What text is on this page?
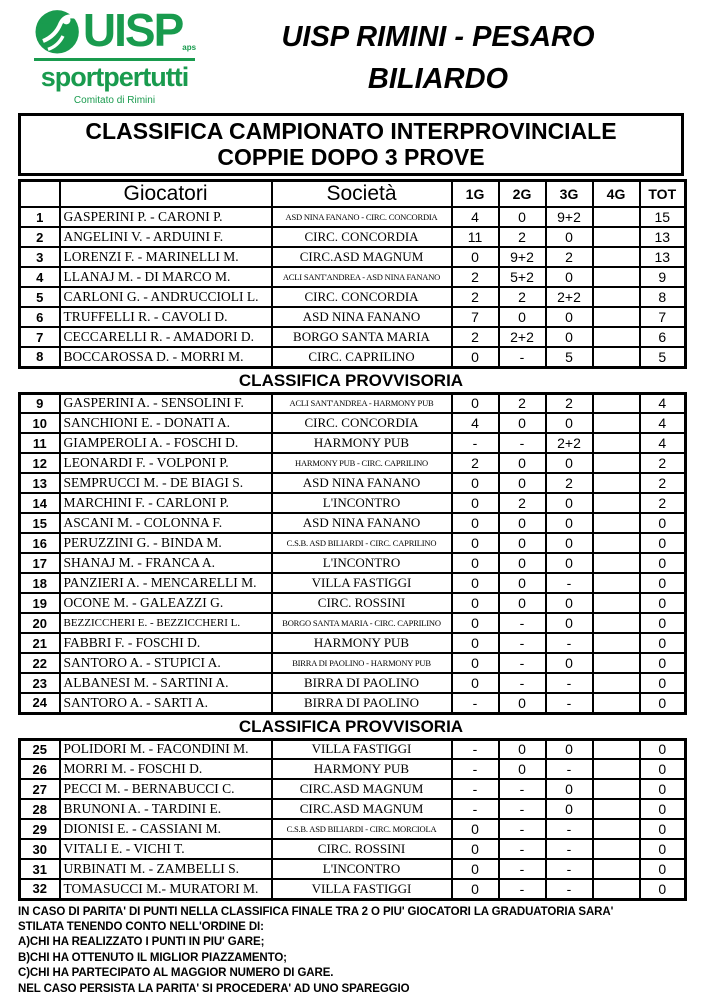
UISP aps
sportpertutti
Comitato di Rimini
UISP RIMINI - PESARO
BILIARDO
CLASSIFICA CAMPIONATO INTERPROVINCIALE
COPPIE DOPO 3 PROVE
	Giocatori	Società	1G	2G	3G	4G	TOT
1	GASPERINI P. - CARONI P.	ASD NINA FANANO - CIRC. CONCORDIA	4	0	9+2		15
2	ANGELINI V. - ARDUINI F.	CIRC. CONCORDIA	11	2	0		13
3	LORENZI F. - MARINELLI M.	CIRC.ASD MAGNUM	0	9+2	2		13
4	LLANAJ M. - DI MARCO M.	ACLI SANT'ANDREA - ASD NINA FANANO	2	5+2	0		9
5	CARLONI G. - ANDRUCCIOLI L.	CIRC. CONCORDIA	2	2	2+2		8
6	TRUFFELLI R. - CAVOLI D.	ASD NINA FANANO	7	0	0		7
7	CECCARELLI R. - AMADORI D.	BORGO SANTA MARIA	2	2+2	0		6
8	BOCCAROSSA D. - MORRI M.	CIRC. CAPRILINO	0	-	5		5
CLASSIFICA PROVVISORIA
9	GASPERINI A. - SENSOLINI F.	ACLI SANT'ANDREA - HARMONY PUB	0	2	2		4
10	SANCHIONI E. - DONATI A.	CIRC. CONCORDIA	4	0	0		4
11	GIAMPEROLI A. - FOSCHI D.	HARMONY PUB	-	-	2+2		4
12	LEONARDI F. - VOLPONI P.	HARMONY PUB - CIRC. CAPRILINO	2	0	0		2
13	SEMPRUCCI M. - DE BIAGI S.	ASD NINA FANANO	0	0	2		2
14	MARCHINI F. - CARLONI P.	L'INCONTRO	0	2	0		2
15	ASCANI M. - COLONNA F.	ASD NINA FANANO	0	0	0		0
16	PERUZZINI G. - BINDA M.	C.S.B. ASD BILIARDI - CIRC. CAPRILINO	0	0	0		0
17	SHANAJ M. - FRANCA A.	L'INCONTRO	0	0	0		0
18	PANZIERI A. - MENCARELLI M.	VILLA FASTIGGI	0	0	-		0
19	OCONE M. - GALEAZZI G.	CIRC. ROSSINI	0	0	0		0
20	BEZZICCHERI E. - BEZZICCHERI L.	BORGO SANTA MARIA - CIRC. CAPRILINO	0	-	0		0
21	FABBRI F. - FOSCHI D.	HARMONY PUB	0	-	-		0
22	SANTORO A. - STUPICI A.	BIRRA DI PAOLINO - HARMONY PUB	0	-	0		0
23	ALBANESI M. - SARTINI A.	BIRRA DI PAOLINO	0	-	-		0
24	SANTORO A. - SARTI A.	BIRRA DI PAOLINO	-	0	-		0
CLASSIFICA PROVVISORIA
25	POLIDORI M. - FACONDINI M.	VILLA FASTIGGI	-	0	0		0
26	MORRI M. - FOSCHI D.	HARMONY PUB	-	0	-		0
27	PECCI M. - BERNABUCCI C.	CIRC.ASD MAGNUM	-	-	0		0
28	BRUNONI A. - TARDINI E.	CIRC.ASD MAGNUM	-	-	0		0
29	DIONISI E. - CASSIANI M.	C.S.B. ASD BILIARDI - CIRC. MORCIOLA	0	-	-		0
30	VITALI E. - VICHI T.	CIRC. ROSSINI	0	-	-		0
31	URBINATI M. - ZAMBELLI S.	L'INCONTRO	0	-	-		0
32	TOMASUCCI M.- MURATORI M.	VILLA FASTIGGI	0	-	-		0
IN CASO DI PARITA' DI PUNTI NELLA CLASSIFICA FINALE TRA 2 O PIU' GIOCATORI LA GRADUATORIA SARA'
STILATA TENENDO CONTO NELL'ORDINE DI:
A)CHI HA REALIZZATO I PUNTI IN PIU' GARE;
B)CHI HA OTTENUTO IL MIGLIOR PIAZZAMENTO;
C)CHI HA PARTECIPATO AL MAGGIOR NUMERO DI GARE.
NEL CASO PERSISTA LA PARITA' SI PROCEDERA' AD UNO SPAREGGIO
